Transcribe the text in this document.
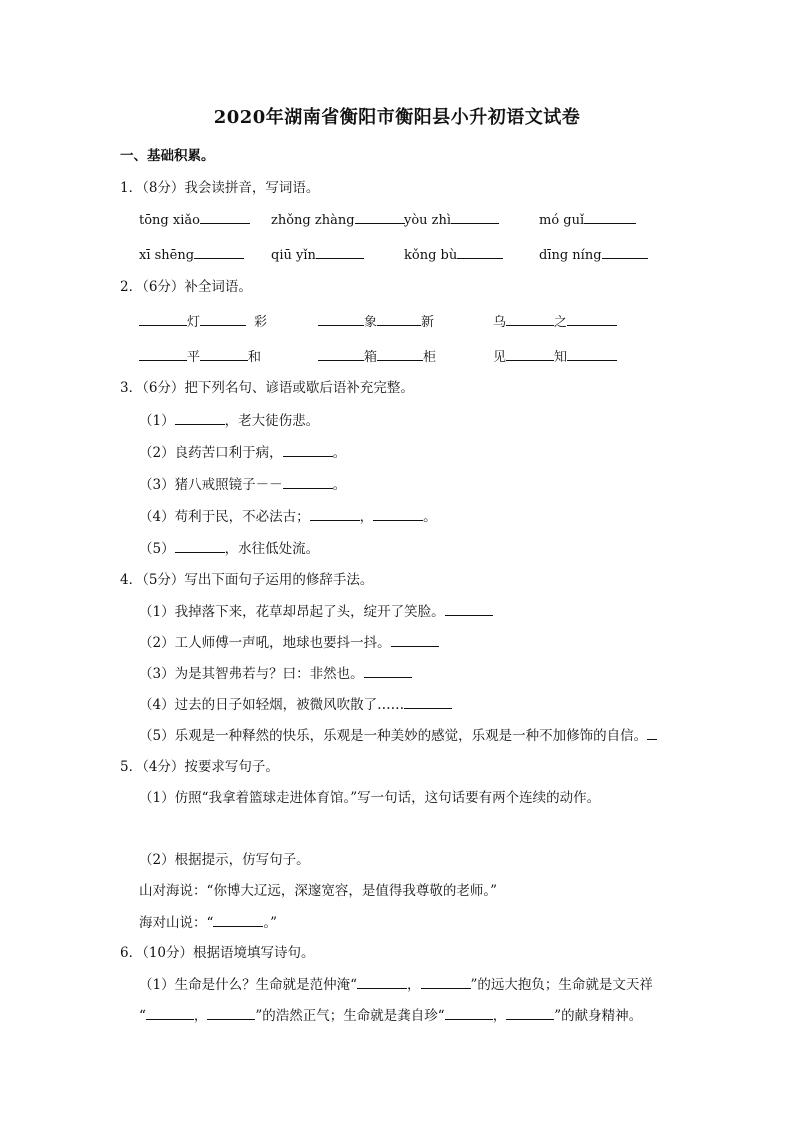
2020年湖南省衡阳市衡阳县小升初语文试卷
一、基础积累。
1．（8分）我会读拼音，写词语。
tōng xiǎo	zhǒng zhàng	yòu zhì	mó guǐ
xī shēng	qiū yǐn	kǒng bù	dīng níng
2．（6分）补全词语。
灯	彩	象	新	乌	之
平	和	箱	柜	见	知
3．（6分）把下列名句、谚语或歇后语补充完整。
（1）	，老大徒伤悲。
（2）良药苦口利于病，	。
（3）猪八戒照镜子－－	。
（4）苟利于民，不必法古；	，	。
（5）	，水往低处流。
4．（5分）写出下面句子运用的修辞手法。
（1）我掉落下来，花草却昂起了头，绽开了笑脸。
（2）工人师傅一声吼，地球也要抖一抖。
（3）为是其智弗若与？曰：非然也。
（4）过去的日子如轻烟，被微风吹散了……
（5）乐观是一种释然的快乐，乐观是一种美妙的感觉，乐观是一种不加修饰的自信。
5．（4分）按要求写句子。
（1）仿照“我拿着篮球走进体育馆。”写一句话，这句话要有两个连续的动作。
（2）根据提示，仿写句子。
山对海说：“你博大辽远，深邃宽容，是值得我尊敬的老师。”
海对山说：“	。”
6．（10分）根据语境填写诗句。
（1）生命是什么？生命就是范仲淹“	，	”的远大抱负；生命就是文天祥
“	，	”的浩然正气；生命就是龚自珍“	，	”的献身精神。
